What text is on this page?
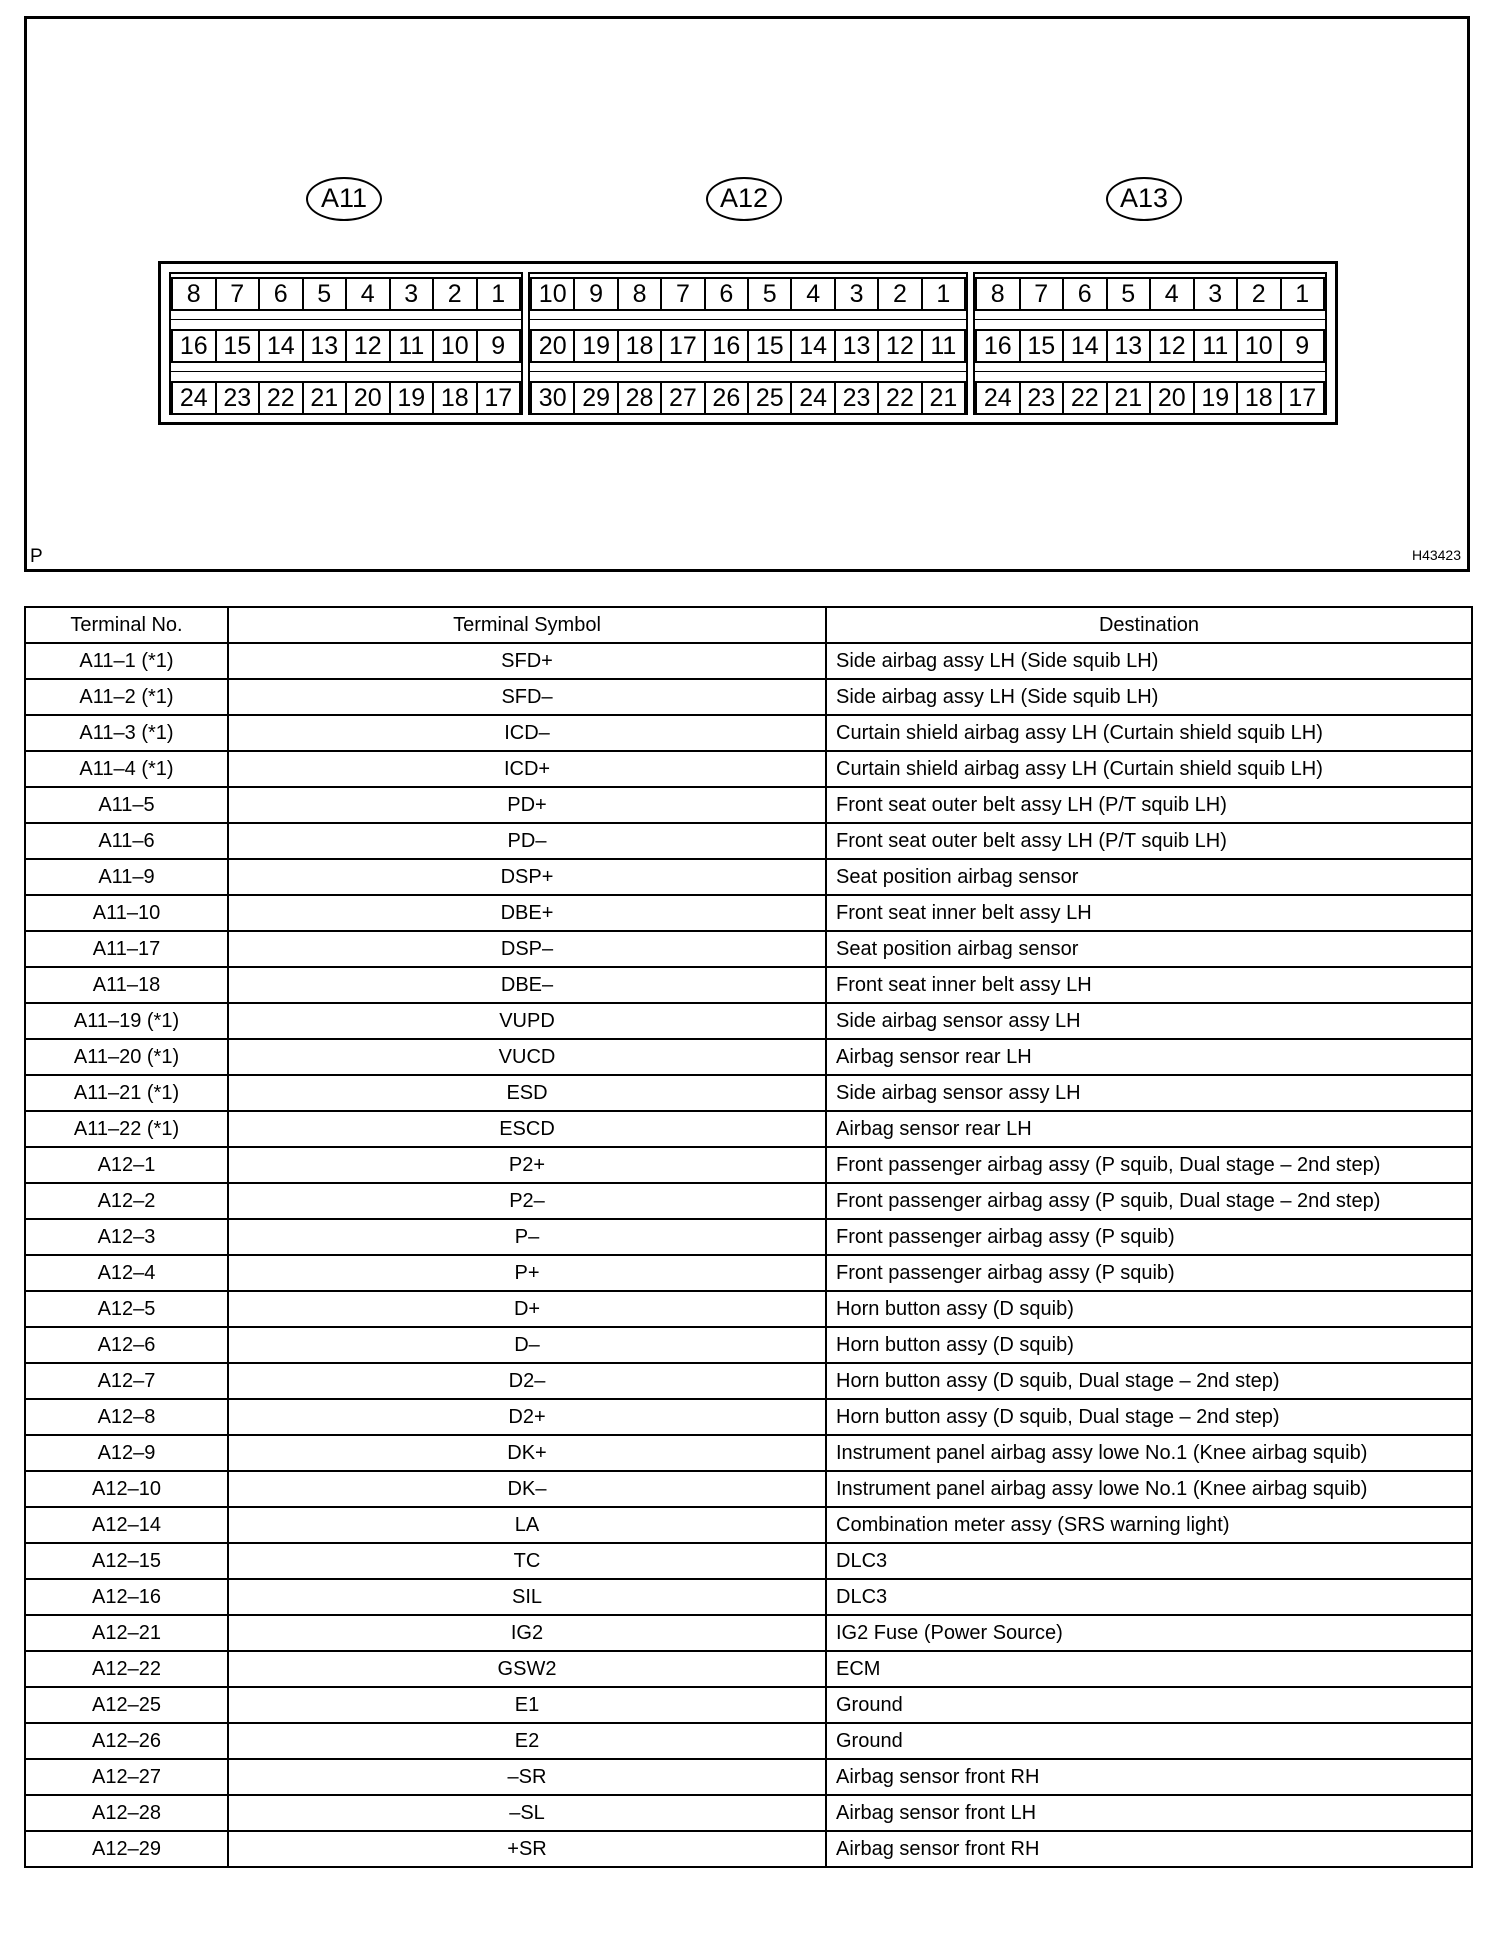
A11	A12	A13
8	7	6	5	4	3	2	1
16 15 14 13 12 11 10 9
24 23 22 21 20 19 18 17
10 9	8	7	6	5	4	3	2	1
20 19 18 17 16 15 14 13 12 11
30 29 28 27 26 25 24 23 22 21
8	7	6	5	4	3	2	1
16 15 14 13 12 11 10 9
24 23 22 21 20 19 18 17
P	H43423
Terminal No.	Terminal Symbol	Destination
A11–1 (*1)	SFD+	Side airbag assy LH (Side squib LH)
A11–2 (*1)	SFD–	Side airbag assy LH (Side squib LH)
A11–3 (*1)	ICD–	Curtain shield airbag assy LH (Curtain shield squib LH)
A11–4 (*1)	ICD+	Curtain shield airbag assy LH (Curtain shield squib LH)
A11–5	PD+	Front seat outer belt assy LH (P/T squib LH)
A11–6	PD–	Front seat outer belt assy LH (P/T squib LH)
A11–9	DSP+	Seat position airbag sensor
A11–10	DBE+	Front seat inner belt assy LH
A11–17	DSP–	Seat position airbag sensor
A11–18	DBE–	Front seat inner belt assy LH
A11–19 (*1)	VUPD	Side airbag sensor assy LH
A11–20 (*1)	VUCD	Airbag sensor rear LH
A11–21 (*1)	ESD	Side airbag sensor assy LH
A11–22 (*1)	ESCD	Airbag sensor rear LH
A12–1	P2+	Front passenger airbag assy (P squib, Dual stage – 2nd step)
A12–2	P2–	Front passenger airbag assy (P squib, Dual stage – 2nd step)
A12–3	P–	Front passenger airbag assy (P squib)
A12–4	P+	Front passenger airbag assy (P squib)
A12–5	D+	Horn button assy (D squib)
A12–6	D–	Horn button assy (D squib)
A12–7	D2–	Horn button assy (D squib, Dual stage – 2nd step)
A12–8	D2+	Horn button assy (D squib, Dual stage – 2nd step)
A12–9	DK+	Instrument panel airbag assy lowe No.1 (Knee airbag squib)
A12–10	DK–	Instrument panel airbag assy lowe No.1 (Knee airbag squib)
A12–14	LA	Combination meter assy (SRS warning light)
A12–15	TC	DLC3
A12–16	SIL	DLC3
A12–21	IG2	IG2 Fuse (Power Source)
A12–22	GSW2	ECM
A12–25	E1	Ground
A12–26	E2	Ground
A12–27	–SR	Airbag sensor front RH
A12–28	–SL	Airbag sensor front LH
A12–29	+SR	Airbag sensor front RH
